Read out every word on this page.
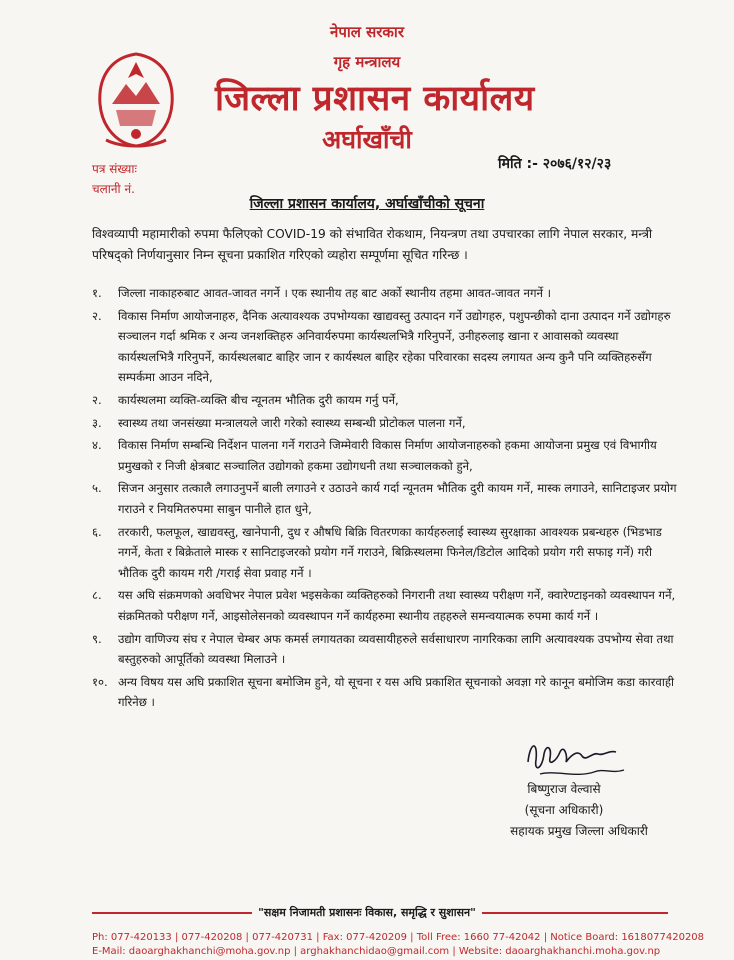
नेपाल सरकार
गृह मन्त्रालय
जिल्ला प्रशासन कार्यालय
अर्घाखाँची
पत्र संख्याः
चलानी नं.
मिति :- २०७६/१२/२३
जिल्ला प्रशासन कार्यालय, अर्घाखाँचीको सूचना
विश्वव्यापी महामारीको रुपमा फैलिएको COVID-19 को संभावित रोकथाम, नियन्त्रण तथा उपचारका लागि नेपाल सरकार, मन्त्री परिषद्को निर्णयानुसार निम्न सूचना प्रकाशित गरिएको व्यहोरा सम्पूर्णमा सूचित गरिन्छ ।
१.	जिल्ला नाकाहरुबाट आवत-जावत नगर्ने । एक स्थानीय तह बाट अर्को स्थानीय तहमा आवत-जावत नगर्ने ।
२.	विकास निर्माण आयोजनाहरु, दैनिक अत्यावश्यक उपभोग्यका खाद्यवस्तु उत्पादन गर्ने उद्योगहरु, पशुपन्छीको दाना उत्पादन गर्ने उद्योगहरु सञ्चालन गर्दा श्रमिक र अन्य जनशक्तिहरु अनिवार्यरुपमा कार्यस्थलभित्रै गरिनुपर्ने, उनीहरुलाइ खाना र आवासको व्यवस्था कार्यस्थलभित्रै गरिनुपर्ने, कार्यस्थलबाट बाहिर जान र कार्यस्थल बाहिर रहेका परिवारका सदस्य लगायत अन्य कुनै पनि व्यक्तिहरुसँग सम्पर्कमा आउन नदिने,
२.	कार्यस्थलमा व्यक्ति-व्यक्ति बीच न्यूनतम भौतिक दुरी कायम गर्नु पर्ने,
३.	स्वास्थ्य तथा जनसंख्या मन्त्रालयले जारी गरेको स्वास्थ्य सम्बन्धी प्रोटोकल पालना गर्ने,
४.	विकास निर्माण सम्बन्धि निर्देशन पालना गर्ने गराउने जिम्मेवारी विकास निर्माण आयोजनाहरुको हकमा आयोजना प्रमुख एवं विभागीय प्रमुखको र निजी क्षेत्रबाट सञ्चालित उद्योगको हकमा उद्योगधनी तथा सञ्चालकको हुने,
५.	सिजन अनुसार तत्कालै लगाउनुपर्ने बाली लगाउने र उठाउने कार्य गर्दा न्यूनतम भौतिक दुरी कायम गर्ने, मास्क लगाउने, सानिटाइजर प्रयोग गराउने र नियमितरुपमा साबुन पानीले हात धुने,
६.	तरकारी, फलफूल, खाद्यवस्तु, खानेपानी, दुध र औषधि बिक्रि वितरणका कार्यहरुलाई स्वास्थ्य सुरक्षाका आवश्यक प्रबन्धहरु (भिडभाड नगर्ने, केता र बिक्रेताले मास्क र सानिटाइजरको प्रयोग गर्ने गराउने, बिक्रिस्थलमा फिनेल/डिटोल आदिको प्रयोग गरी सफाइ गर्ने) गरी भौतिक दुरी कायम गरी /गराई सेवा प्रवाह गर्ने ।
८.	यस अघि संक्रमणको अवधिभर नेपाल प्रवेश भइसकेका व्यक्तिहरुको निगरानी तथा स्वास्थ्य परीक्षण गर्ने, क्वारेण्टाइनको व्यवस्थापन गर्ने, संक्रमितको परीक्षण गर्ने, आइसोलेसनको व्यवस्थापन गर्ने कार्यहरुमा स्थानीय तहहरुले समन्वयात्मक रुपमा कार्य गर्ने ।
९.	उद्योग वाणिज्य संघ र नेपाल चेम्बर अफ कमर्स लगायतका व्यवसायीहरुले सर्वसाधारण नागरिकका लागि अत्यावश्यक उपभोग्य सेवा तथा बस्तुहरुको आपूर्तिको व्यवस्था मिलाउने ।
१०. अन्य विषय यस अघि प्रकाशित सूचना बमोजिम हुने, यो सूचना र यस अघि प्रकाशित सूचनाको अवज्ञा गरे कानून बमोजिम कडा कारवाही गरिनेछ ।
बिष्णुराज वेल्वासे
(सूचना अधिकारी)
सहायक प्रमुख जिल्ला अधिकारी
"सक्षम निजामती प्रशासनः विकास, समृद्धि र सुशासन"
Ph: 077-420133 | 077-420208 | 077-420731 | Fax: 077-420209 | Toll Free: 1660 77-42042 | Notice Board: 1618077420208
E-Mail: daoarghakhanchi@moha.gov.np | arghakhanchidao@gmail.com | Website: daoarghakhanchi.moha.gov.np
